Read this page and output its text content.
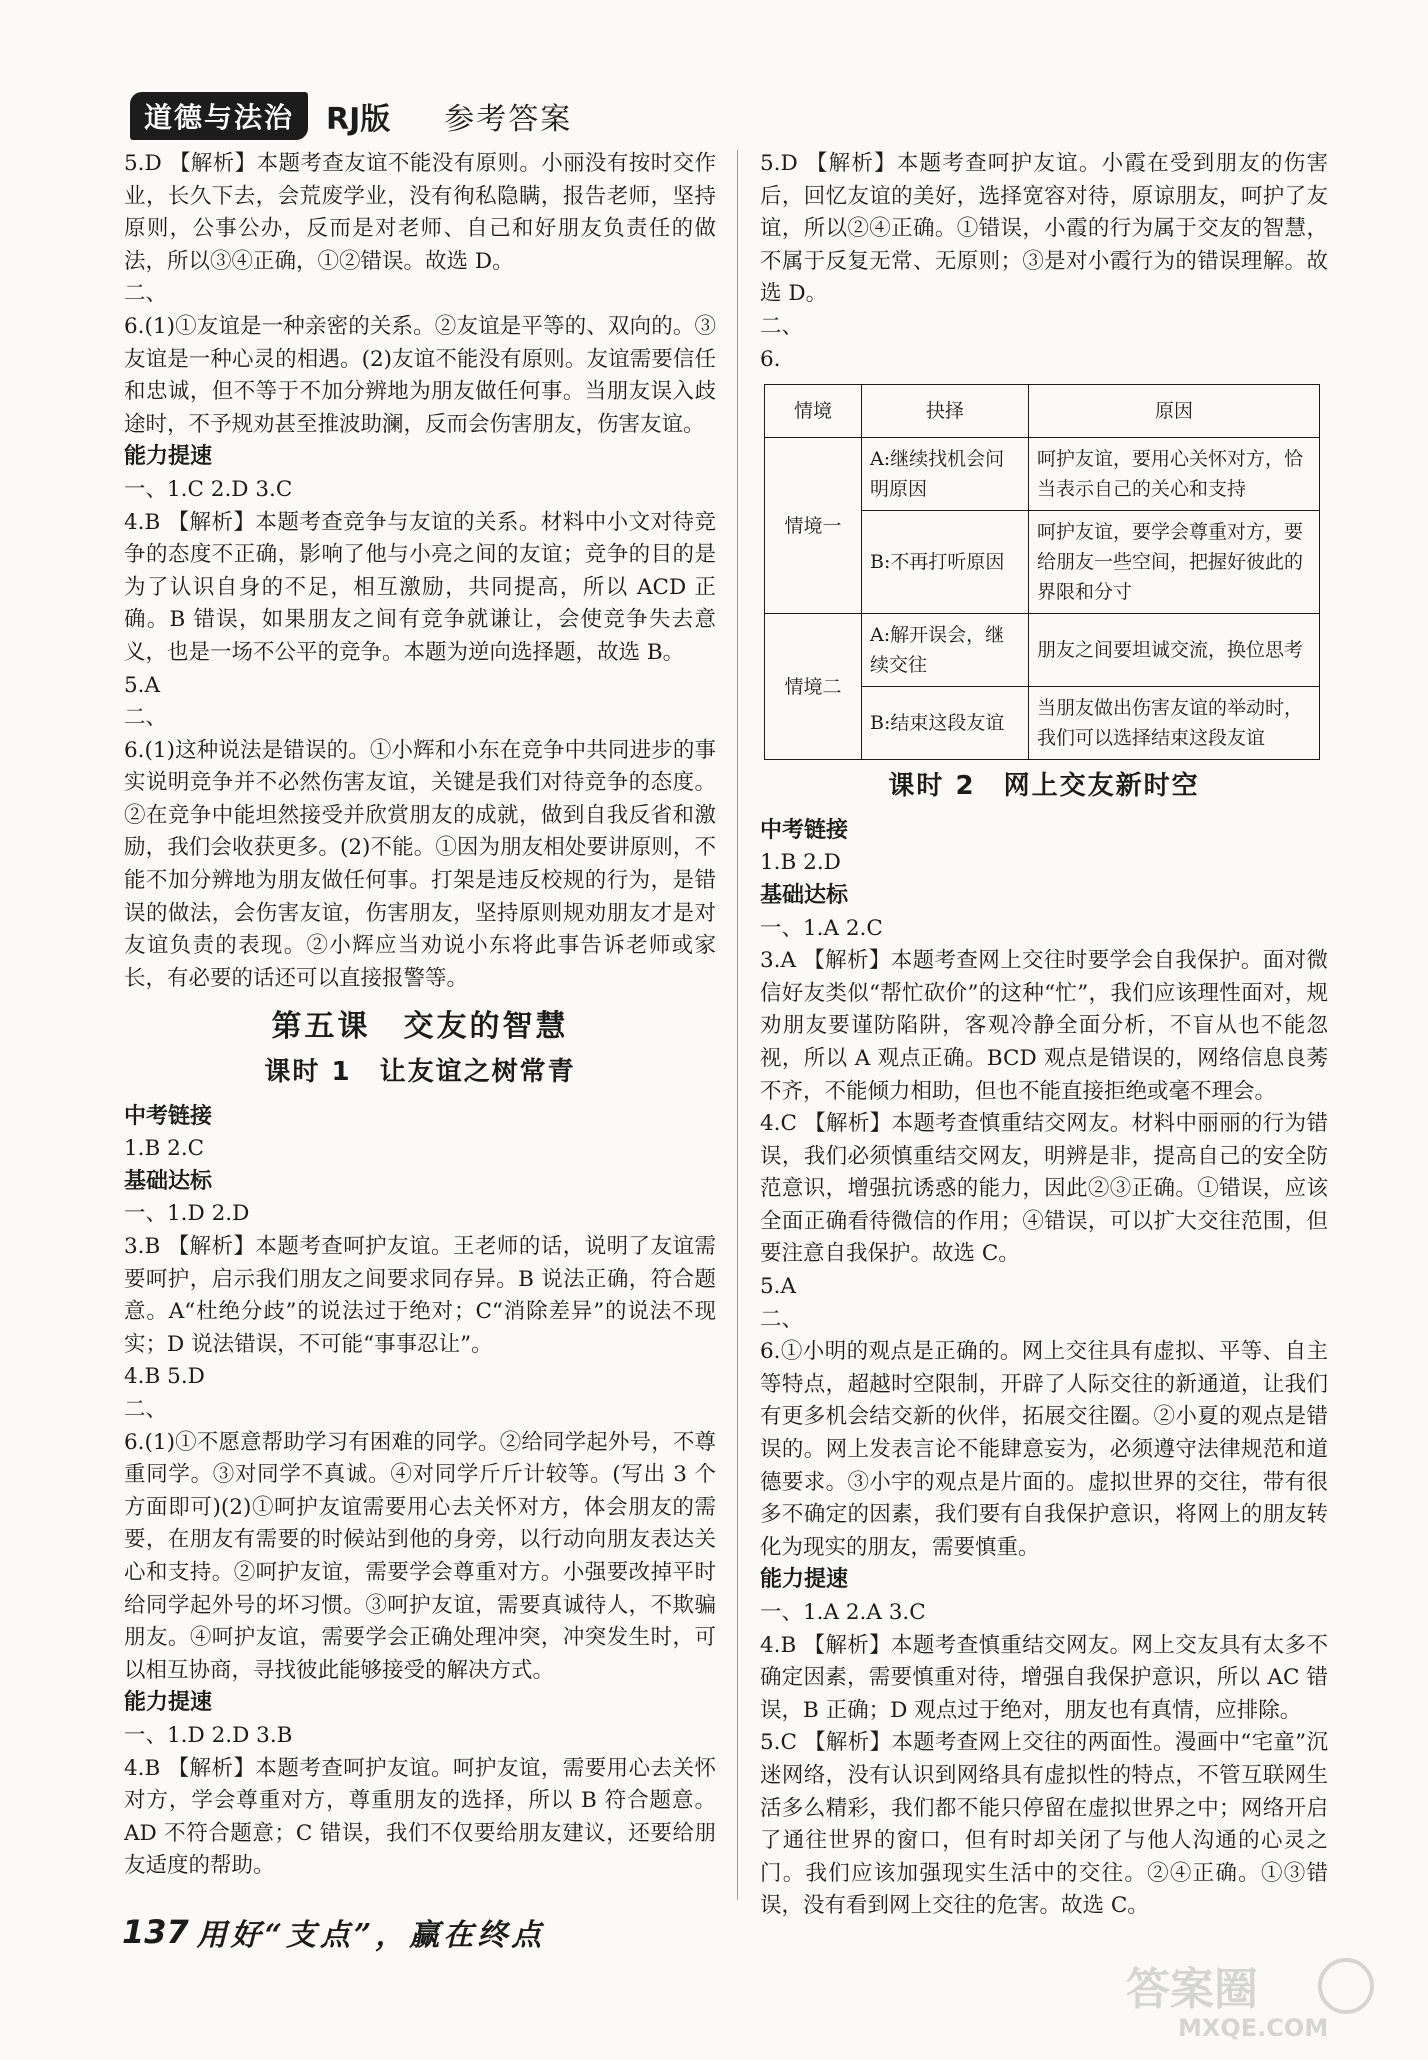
道德与法治	RJ版 参考答案

5.D 【解析】本题考查友谊不能没有原则。小丽没有按时交作业，长久下去，会荒废学业，没有徇私隐瞒，报告老师，坚持原则，公事公办，反而是对老师、自己和好朋友负责任的做法，所以③④正确，①②错误。故选 D。

二、

6.(1)①友谊是一种亲密的关系。②友谊是平等的、双向的。③友谊是一种心灵的相遇。(2)友谊不能没有原则。友谊需要信任和忠诚，但不等于不加分辨地为朋友做任何事。当朋友误入歧途时，不予规劝甚至推波助澜，反而会伤害朋友，伤害友谊。

能力提速

一、1.C 2.D 3.C

4.B 【解析】本题考查竞争与友谊的关系。材料中小文对待竞争的态度不正确，影响了他与小亮之间的友谊；竞争的目的是为了认识自身的不足，相互激励，共同提高，所以 ACD 正确。B 错误，如果朋友之间有竞争就谦让，会使竞争失去意义，也是一场不公平的竞争。本题为逆向选择题，故选 B。

5.A

二、

6.(1)这种说法是错误的。①小辉和小东在竞争中共同进步的事实说明竞争并不必然伤害友谊，关键是我们对待竞争的态度。②在竞争中能坦然接受并欣赏朋友的成就，做到自我反省和激励，我们会收获更多。(2)不能。①因为朋友相处要讲原则，不能不加分辨地为朋友做任何事。打架是违反校规的行为，是错误的做法，会伤害友谊，伤害朋友，坚持原则规劝朋友才是对友谊负责的表现。②小辉应当劝说小东将此事告诉老师或家长，有必要的话还可以直接报警等。

第五课　交友的智慧
课时 1　让友谊之树常青

中考链接

1.B 2.C

基础达标

一、1.D 2.D

3.B 【解析】本题考查呵护友谊。王老师的话，说明了友谊需要呵护，启示我们朋友之间要求同存异。B 说法正确，符合题意。A“杜绝分歧”的说法过于绝对；C“消除差异”的说法不现实；D 说法错误，不可能“事事忍让”。

4.B 5.D

二、

6.(1)①不愿意帮助学习有困难的同学。②给同学起外号，不尊重同学。③对同学不真诚。④对同学斤斤计较等。(写出 3 个方面即可)(2)①呵护友谊需要用心去关怀对方，体会朋友的需要，在朋友有需要的时候站到他的身旁，以行动向朋友表达关心和支持。②呵护友谊，需要学会尊重对方。小强要改掉平时给同学起外号的坏习惯。③呵护友谊，需要真诚待人，不欺骗朋友。④呵护友谊，需要学会正确处理冲突，冲突发生时，可以相互协商，寻找彼此能够接受的解决方式。

能力提速

一、1.D 2.D 3.B

4.B 【解析】本题考查呵护友谊。呵护友谊，需要用心去关怀对方，学会尊重对方，尊重朋友的选择，所以 B 符合题意。AD 不符合题意；C 错误，我们不仅要给朋友建议，还要给朋友适度的帮助。

5.D 【解析】本题考查呵护友谊。小霞在受到朋友的伤害后，回忆友谊的美好，选择宽容对待，原谅朋友，呵护了友谊，所以②④正确。①错误，小霞的行为属于交友的智慧，不属于反复无常、无原则；③是对小霞行为的错误理解。故选 D。

二、

6.

情境	抉择	原因
情境一	A:继续找机会问明原因	呵护友谊，要用心关怀对方，恰当表示自己的关心和支持
	B:不再打听原因	呵护友谊，要学会尊重对方，要给朋友一些空间，把握好彼此的界限和分寸
情境二	A:解开误会，继续交往	朋友之间要坦诚交流，换位思考
	B:结束这段友谊	当朋友做出伤害友谊的举动时，我们可以选择结束这段友谊
课时 2　网上交友新时空

中考链接

1.B 2.D

基础达标

一、1.A 2.C

3.A 【解析】本题考查网上交往时要学会自我保护。面对微信好友类似“帮忙砍价”的这种“忙”，我们应该理性面对，规劝朋友要谨防陷阱，客观冷静全面分析，不盲从也不能忽视，所以 A 观点正确。BCD 观点是错误的，网络信息良莠不齐，不能倾力相助，但也不能直接拒绝或毫不理会。

4.C 【解析】本题考查慎重结交网友。材料中丽丽的行为错误，我们必须慎重结交网友，明辨是非，提高自己的安全防范意识，增强抗诱惑的能力，因此②③正确。①错误，应该全面正确看待微信的作用；④错误，可以扩大交往范围，但要注意自我保护。故选 C。

5.A

二、

6.①小明的观点是正确的。网上交往具有虚拟、平等、自主等特点，超越时空限制，开辟了人际交往的新通道，让我们有更多机会结交新的伙伴，拓展交往圈。②小夏的观点是错误的。网上发表言论不能肆意妄为，必须遵守法律规范和道德要求。③小宇的观点是片面的。虚拟世界的交往，带有很多不确定的因素，我们要有自我保护意识，将网上的朋友转化为现实的朋友，需要慎重。

能力提速

一、1.A 2.A 3.C

4.B 【解析】本题考查慎重结交网友。网上交友具有太多不确定因素，需要慎重对待，增强自我保护意识，所以 AC 错误，B 正确；D 观点过于绝对，朋友也有真情，应排除。

5.C 【解析】本题考查网上交往的两面性。漫画中“宅童”沉迷网络，没有认识到网络具有虚拟性的特点，不管互联网生活多么精彩，我们都不能只停留在虚拟世界之中；网络开启了通往世界的窗口，但有时却关闭了与他人沟通的心灵之门。我们应该加强现实生活中的交往。②④正确。①③错误，没有看到网上交往的危害。故选 C。

137 用好“支点”，赢在终点
答案圈
MXQE.COM
